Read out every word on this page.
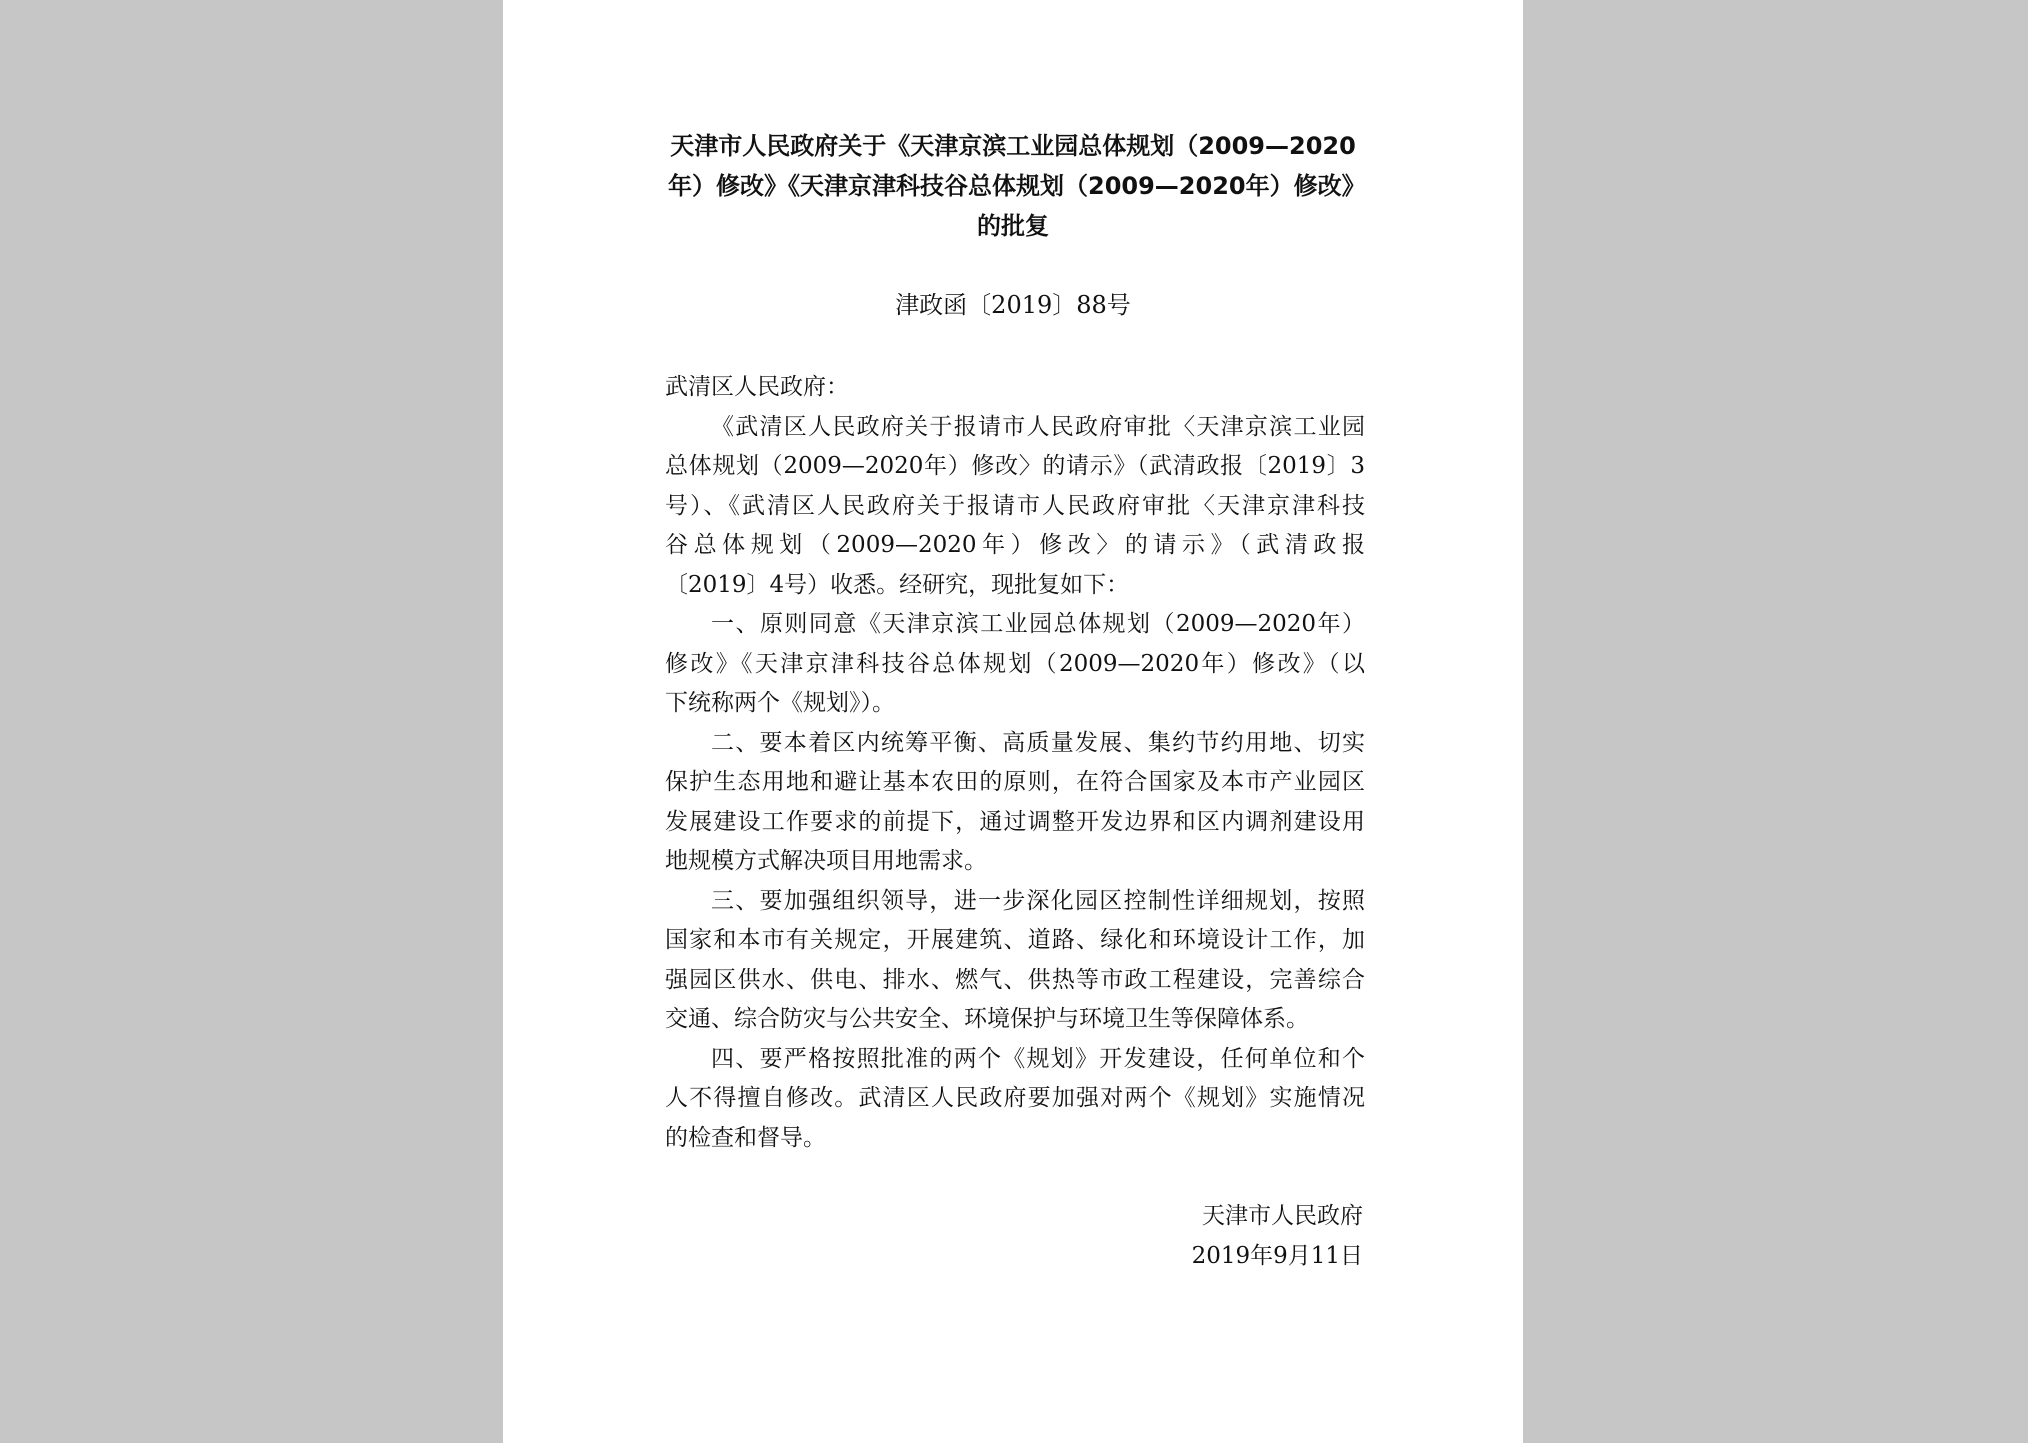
天津市人民政府关于《天津京滨工业园总体规划（2009—2020
年）修改》《天津京津科技谷总体规划（2009—2020年）修改》
的批复

津政函〔2019〕88号

武清区人民政府：

《武清区人民政府关于报请市人民政府审批〈天津京滨工业园
总体规划（2009—2020年）修改〉的请示》（武清政报〔2019〕3
号）、《武清区人民政府关于报请市人民政府审批〈天津京津科技
谷总体规划（2009—2020年）修改〉的请示》（武清政报
〔2019〕4号）收悉。经研究，现批复如下：

一、原则同意《天津京滨工业园总体规划（2009—2020年）
修改》《天津京津科技谷总体规划（2009—2020年）修改》（以
下统称两个《规划》）。

二、要本着区内统筹平衡、高质量发展、集约节约用地、切实
保护生态用地和避让基本农田的原则，在符合国家及本市产业园区
发展建设工作要求的前提下，通过调整开发边界和区内调剂建设用
地规模方式解决项目用地需求。

三、要加强组织领导，进一步深化园区控制性详细规划，按照
国家和本市有关规定，开展建筑、道路、绿化和环境设计工作，加
强园区供水、供电、排水、燃气、供热等市政工程建设，完善综合
交通、综合防灾与公共安全、环境保护与环境卫生等保障体系。

四、要严格按照批准的两个《规划》开发建设，任何单位和个
人不得擅自修改。武清区人民政府要加强对两个《规划》实施情况
的检查和督导。

天津市人民政府
2019年9月11日
